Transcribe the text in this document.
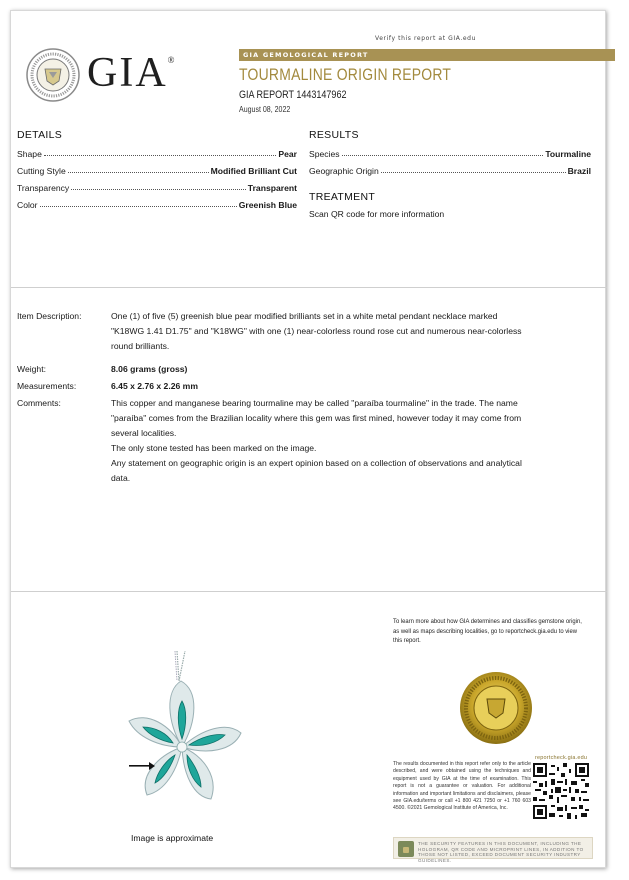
Verify this report at GIA.edu
GIA®	GIA GEMOLOGICAL REPORT
TOURMALINE ORIGIN REPORT
GIA REPORT 1443147962
August 08, 2022
DETAILS
Shape	Pear
Cutting Style	Modified Brilliant Cut
Transparency	Transparent
Color	Greenish Blue
RESULTS
Species	Tourmaline
Geographic Origin	Brazil
TREATMENT
Scan QR code for more information
Item Description:	One (1) of five (5) greenish blue pear modified brilliants set in a white metal pendant necklace marked
"K18WG 1.41 D1.75" and "K18WG" with one (1) near-colorless round rose cut and numerous near-colorless
round brilliants.
Weight:	8.06 grams (gross)
Measurements:	6.45 x 2.76 x 2.26 mm
Comments:	This copper and manganese bearing tourmaline may be called "paraíba tourmaline" in the trade. The name
"paraíba" comes from the Brazilian locality where this gem was first mined, however today it may come from
several localities.
The only stone tested has been marked on the image.
Any statement on geographic origin is an expert opinion based on a collection of observations and analytical
data.
Image is approximate
To learn more about how GIA determines and classifies gemstone origin, as well as maps describing localities, go to reportcheck.gia.edu to view this report.
reportcheck.gia.edu
The results documented in this report refer only to the article described, and were obtained using the techniques and equipment used by GIA at the time of examination. This report is not a guarantee or valuation. For additional information and important limitations and disclaimers, please see GIA.edu/terms or call +1 800 421 7250 or +1 760 603 4500. ©2021 Gemological Institute of America, Inc.
THE SECURITY FEATURES IN THIS DOCUMENT, INCLUDING THE HOLOGRAM, QR CODE AND MICROPRINT LINES, IN ADDITION TO THOSE NOT LISTED, EXCEED DOCUMENT SECURITY INDUSTRY GUIDELINES.
